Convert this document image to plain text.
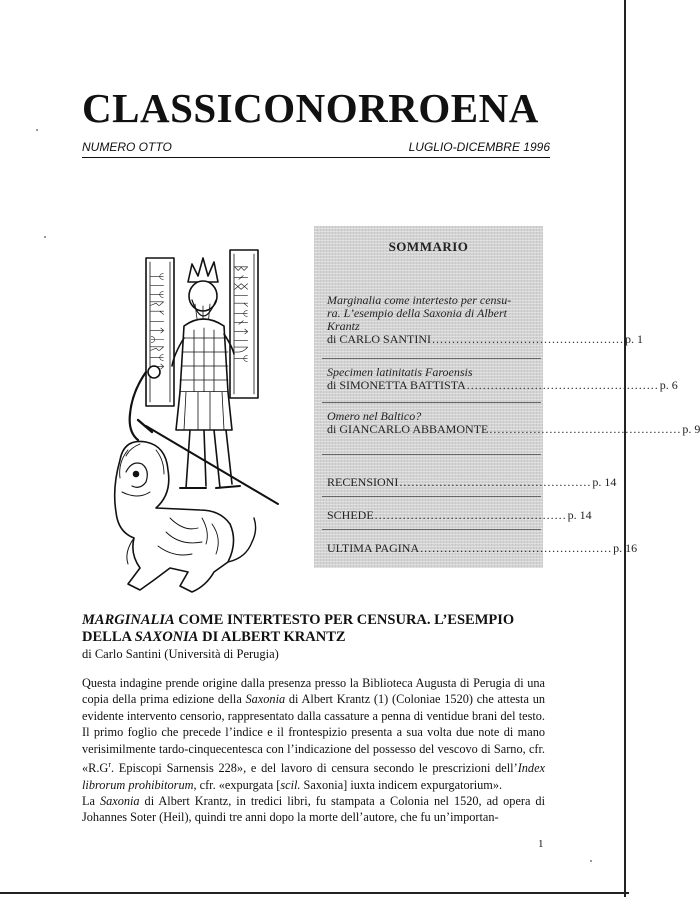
CLASSICONORROENA
NUMERO OTTO	LUGLIO-DICEMBRE 1996
ᛘᛁᛘᚱᚴᛁᛏᛦᚱᛘᛏ	ᛒᚾᛝᛁᚴᛘᚾᛏᛁᚢᛘ
SOMMARIO
Marginalia come intertesto per censu-
ra. L’esempio della Saxonia di Albert
Krantz
di
CARLO SANTINI ................................................ p. 1
Specimen latinitatis Faroensis
di
SIMONETTA BATTISTA ................................................ p. 6
Omero nel Baltico?
di
GIANCARLO ABBAMONTE ................................................ p. 9
RECENSIONI ................................................ p. 14
SCHEDE ................................................ p. 14
ULTIMA PAGINA ................................................ p. 16
MARGINALIA COME INTERTESTO PER CENSURA. L’ESEMPIO DELLA SAXONIA DI ALBERT KRANTZ
di Carlo Santini (Università di Perugia)

Questa indagine prende origine dalla presenza presso la Biblioteca Augusta di Perugia di una copia della prima edizione della Saxonia di Albert Krantz (1) (Coloniae 1520) che attesta un evidente intervento censorio, rappresentato dalla cassature a penna di ventidue brani del testo. Il primo foglio che precede l’indice e il frontespizio presenta a sua volta due note di mano verisimilmente tardo-cinquecentesca con l’indicazione del possesso del vescovo di Sarno, cfr. «$R.G^r$. Episcopi Sarnensis 228», e del lavoro di censura secondo le prescrizioni dell’Index librorum prohibitorum, cfr. «expurgata [scil. Saxonia] iuxta indicem expurgatorium».

La Saxonia di Albert Krantz, in tredici libri, fu stampata a Colonia nel 1520, ad opera di Johannes Soter (Heil), quindi tre anni dopo la morte dell’autore, che fu un’importan-

1
